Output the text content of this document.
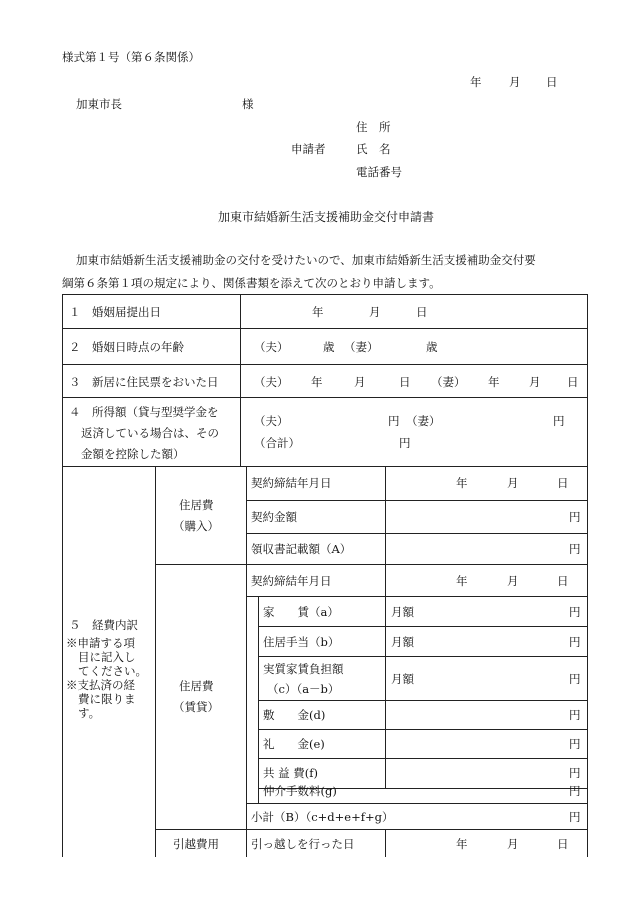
様式第１号（第６条関係）
年 月 日
加東市長	様
住　所
申請者	氏　名
電話番号
加東市結婚新生活支援補助金交付申請書
加東市結婚新生活支援補助金の交付を受けたいので、加東市結婚新生活支援補助金交付要
綱第６条第１項の規定により、関係書類を添えて次のとおり申請します。
１　婚姻届提出日	年	月	日
２　婚姻日時点の年齢	（夫）	歳 （妻）	歳
３　新居に住民票をおいた日	（夫） 年	月	日 （妻） 年	月 日
４　所得額（貸与型奨学金を
返済している場合は、その
金額を控除した額）
（夫）	円 （妻）	円
（合計）	円
５　経費内訳
※申請する項
目に記入し
てください。
※支払済の経
費に限りま
す。
住居費
（購入）
契約締結年月日	年	月	日
契約金額	円
領収書記載額（A）	円
住居費
（賃貸）
契約締結年月日	年	月	日
家　　賃（a）	月額	円
住居手当（b）	月額	円
実質家賃負担額
（c）（a－b）
月額	円
敷　　金(d)	円
礼　　金(e)	円
共 益 費(f)	円
仲介手数料(g)	円
小計（B）（c+d+e+f+g）	円
引越費用	引っ越しを行った日	年	月	日
